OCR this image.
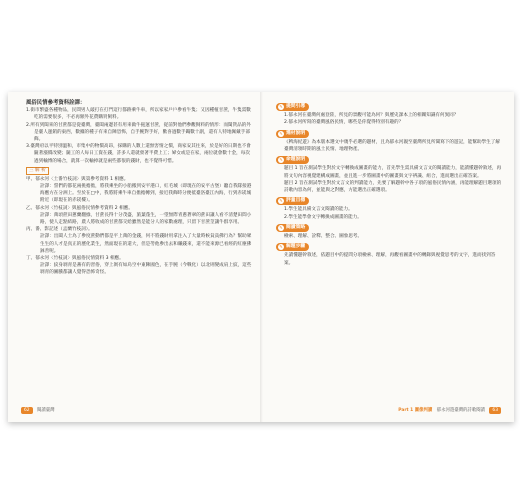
風俗民情參考資料詮譯：

1.街市繁盛各種物品，民間男人敲打在打門這行都跡乘牛車，所以家家戶戶參看牛隻；又因種植甘蔗，牛隻需數吃的需要很多，不必再額外花費購買飼料。

2.所有到閩來的甘蔗都是從臺灣，臺閩兩邊甚有用來做牛拖運甘蔗，從前對他們參觀飼料的情形：而閩貨品的外是臺人運銷的東西，數據的種子有來自陳恐怖，自手腕對手好，歡喜過數手鐲數十副，還有人特地佩戴手部飾。

3.臺灣府以平特別溫和，市集中的物價高昂，採購的人數上還無害情之價，商家安其往來，於是好的日期也不會隨著漲價改變；隨工的人每日工資在錢，許多人還就發著半費上工；婦女或是在家，兩位就會數十金，每次過到輸博的場合，就算一次輸掉就是兩些都很的錢財，也不覺得可惜。

三 解 析

甲、郁永河〈土番竹枝詞〉與第參考資料 1 相應。

詮譯：誓們的都花兩挑擔擔，將我乘坐的小船搬到安平港口，紅毛城（即現在的安平古堡）聽自我隊接港海應方在分洲上。至於在□中，我將將乘牛車自擔擔轉到，接近我飾時分便抵臺洛臺江內海，行到赤崁城附近（即現在的赤崁樓）。

乙、郁永河〈竹枝詞〉與風俗民情參考資料 2 相應。

詮譯：萬頃蔗田蔥蘭翻綠，甘蔗長得十分茂盛，旅葉蓬生，一望無際青蔥蒼翠的蔗田讓人看不清楚田間小路，使人走點結路，農人將收成的甘蔗都交給雖然是能分人的家數處理，只留下甘蔗莖讓牛群享用。

丙、番、影記述（孟蘭竹枝詞）。

詮譯：出閩人士為了參度蔗動們都是平上萬的金錢，何不將錢財用拿注入了大量時候貧貧佛行為？幫助眾生生的人才是真正的歷化業生，然面現在的還大，但是勞他參出去和賺錢來，還不能來源已看經的紅塵佛鉢善呢。

丁、郁永河〈竹枝詞〉與風俗民情資料 3 相應。

詮譯：紋身剝青是蕃有的習俗，穿上剝有如烏空中東陳國色，在手腕（今戰化）以北則變成肩上紋，這些剝青的圖騰都讓人覺得恐怖奇怪。

62 閱讀臺灣
✎ 提問引導

1.郁永河在臺灣何處登陸，所見的景觀可能為何？與歷史課本上的相關知識有何異同？

2.郁永河所寫的臺灣風俗民情，哪些是你覺得特別有趣的？

✎ 選材說明

《稗海紀遊》為本版本選文中幾乎必選的題材，且為郁永河親至臺灣所見所聞寫下的遊記，能幫助學生了解臺灣清領時期的風土民情、地理物產。

✎ 命題說明

題目 1 旨在測試學生對於文字轉換成圖畫的能力，首先學生需具備文言文的閱讀能力，能讀懂題幹敘述，再將文句內容視覺建構成圖畫，並且進一步將圖畫中的圖畫與文字辨識、組合，進而選出正確答案。

題目 2 旨在測試學生對於文言文的判讀能力，先要了解題幹中各子項的風俗民情內涵，再能理解題目選項的詩歌內容為何，並能與之對應，方能選出正確選項。

✎ 評量目標

1.學生能具備文言文閱讀的能力。

2.學生能學會文字轉換成圖畫的能力。

✎ 閱讀策略

檢索、理解、詮釋、整合、圖象思考。

✎ 解題步驟

先讀懂題幹敘述，依題目中的提問分項檢索、理解，再觀看圖畫中的轉錄與視覺思考的文字，進而找到答案。

Part 1 圖像判讀 郁永河遊臺灣的詩歌閱讀 63
